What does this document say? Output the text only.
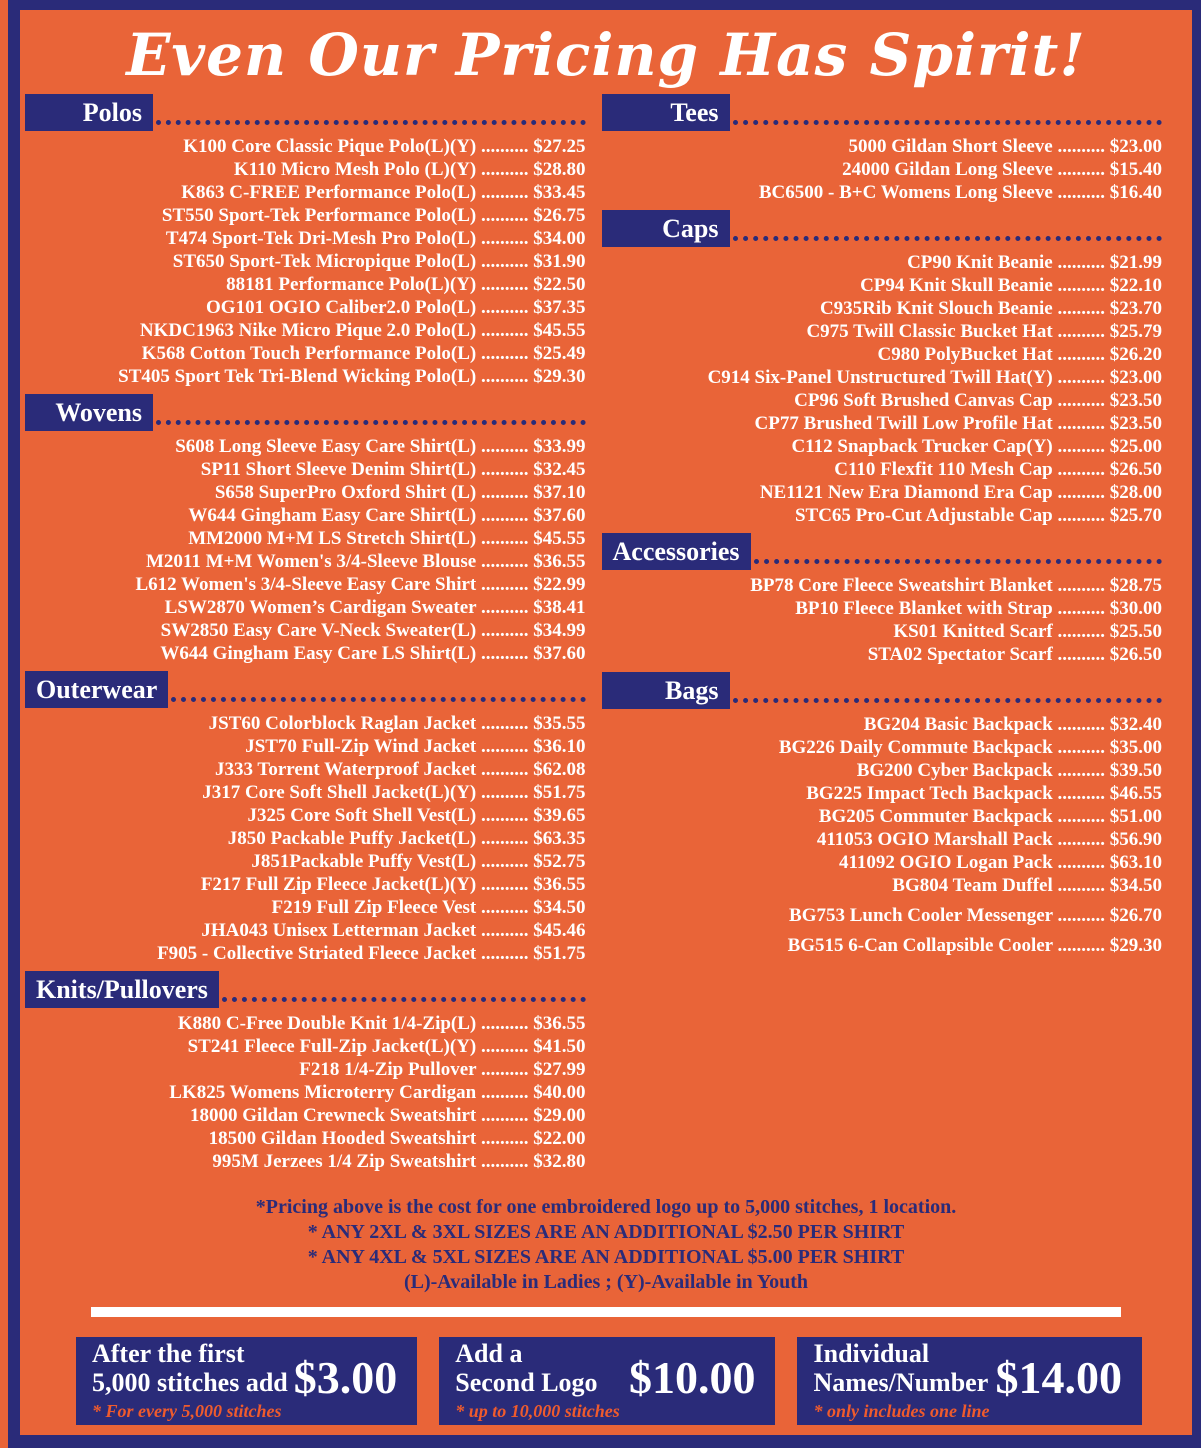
Even Our Pricing Has Spirit!
Polos
K100 Core Classic Pique Polo(L)(Y) .......... $27.25
K110 Micro Mesh Polo (L)(Y) .......... $28.80
K863 C-FREE Performance Polo(L) .......... $33.45
ST550 Sport-Tek Performance Polo(L) .......... $26.75
T474 Sport-Tek Dri-Mesh Pro Polo(L) .......... $34.00
ST650 Sport-Tek Micropique Polo(L) .......... $31.90
88181 Performance Polo(L)(Y) .......... $22.50
OG101 OGIO Caliber2.0 Polo(L) .......... $37.35
NKDC1963 Nike Micro Pique 2.0 Polo(L) .......... $45.55
K568 Cotton Touch Performance Polo(L) .......... $25.49
ST405 Sport Tek Tri-Blend Wicking Polo(L) .......... $29.30
Wovens
S608 Long Sleeve Easy Care Shirt(L) .......... $33.99
SP11 Short Sleeve Denim Shirt(L) .......... $32.45
S658 SuperPro Oxford Shirt (L) .......... $37.10
W644 Gingham Easy Care Shirt(L) .......... $37.60
MM2000 M+M LS Stretch Shirt(L) .......... $45.55
M2011 M+M Women's 3/4-Sleeve Blouse .......... $36.55
L612 Women's 3/4-Sleeve Easy Care Shirt .......... $22.99
LSW2870 Women’s Cardigan Sweater .......... $38.41
SW2850 Easy Care V-Neck Sweater(L) .......... $34.99
W644 Gingham Easy Care LS Shirt(L) .......... $37.60
Outerwear
JST60 Colorblock Raglan Jacket .......... $35.55
JST70 Full-Zip Wind Jacket .......... $36.10
J333 Torrent Waterproof Jacket .......... $62.08
J317 Core Soft Shell Jacket(L)(Y) .......... $51.75
J325 Core Soft Shell Vest(L) .......... $39.65
J850 Packable Puffy Jacket(L) .......... $63.35
J851Packable Puffy Vest(L) .......... $52.75
F217 Full Zip Fleece Jacket(L)(Y) .......... $36.55
F219 Full Zip Fleece Vest .......... $34.50
JHA043 Unisex Letterman Jacket .......... $45.46
F905 - Collective Striated Fleece Jacket .......... $51.75
Knits/Pullovers
K880 C-Free Double Knit 1/4-Zip(L) .......... $36.55
ST241 Fleece Full-Zip Jacket(L)(Y) .......... $41.50
F218 1/4-Zip Pullover .......... $27.99
LK825 Womens Microterry Cardigan .......... $40.00
18000 Gildan Crewneck Sweatshirt .......... $29.00
18500 Gildan Hooded Sweatshirt .......... $22.00
995M Jerzees 1/4 Zip Sweatshirt .......... $32.80
Tees
5000 Gildan Short Sleeve .......... $23.00
24000 Gildan Long Sleeve .......... $15.40
BC6500 - B+C Womens Long Sleeve .......... $16.40
Caps
CP90 Knit Beanie .......... $21.99
CP94 Knit Skull Beanie .......... $22.10
C935Rib Knit Slouch Beanie .......... $23.70
C975 Twill Classic Bucket Hat .......... $25.79
C980 PolyBucket Hat .......... $26.20
C914 Six-Panel Unstructured Twill Hat(Y) .......... $23.00
CP96 Soft Brushed Canvas Cap .......... $23.50
CP77 Brushed Twill Low Profile Hat .......... $23.50
C112 Snapback Trucker Cap(Y) .......... $25.00
C110 Flexfit 110 Mesh Cap .......... $26.50
NE1121 New Era Diamond Era Cap .......... $28.00
STC65 Pro-Cut Adjustable Cap .......... $25.70
Accessories
BP78 Core Fleece Sweatshirt Blanket .......... $28.75
BP10 Fleece Blanket with Strap .......... $30.00
KS01 Knitted Scarf .......... $25.50
STA02 Spectator Scarf .......... $26.50
Bags
BG204 Basic Backpack .......... $32.40
BG226 Daily Commute Backpack .......... $35.00
BG200 Cyber Backpack .......... $39.50
BG225 Impact Tech Backpack .......... $46.55
BG205 Commuter Backpack .......... $51.00
411053 OGIO Marshall Pack .......... $56.90
411092 OGIO Logan Pack .......... $63.10
BG804 Team Duffel .......... $34.50
BG753 Lunch Cooler Messenger .......... $26.70
BG515 6-Can Collapsible Cooler .......... $29.30
*Pricing above is the cost for one embroidered logo up to 5,000 stitches, 1 location.
* ANY 2XL & 3XL SIZES ARE AN ADDITIONAL $2.50 PER SHIRT
* ANY 4XL & 5XL SIZES ARE AN ADDITIONAL $5.00 PER SHIRT
(L)-Available in Ladies ; (Y)-Available in Youth
After the first
5,000 stitches add
* For every 5,000 stitches
$3.00 Add a
Second Logo
* up to 10,000 stitches
$10.00 Individual
Names/Number
* only includes one line
$14.00
